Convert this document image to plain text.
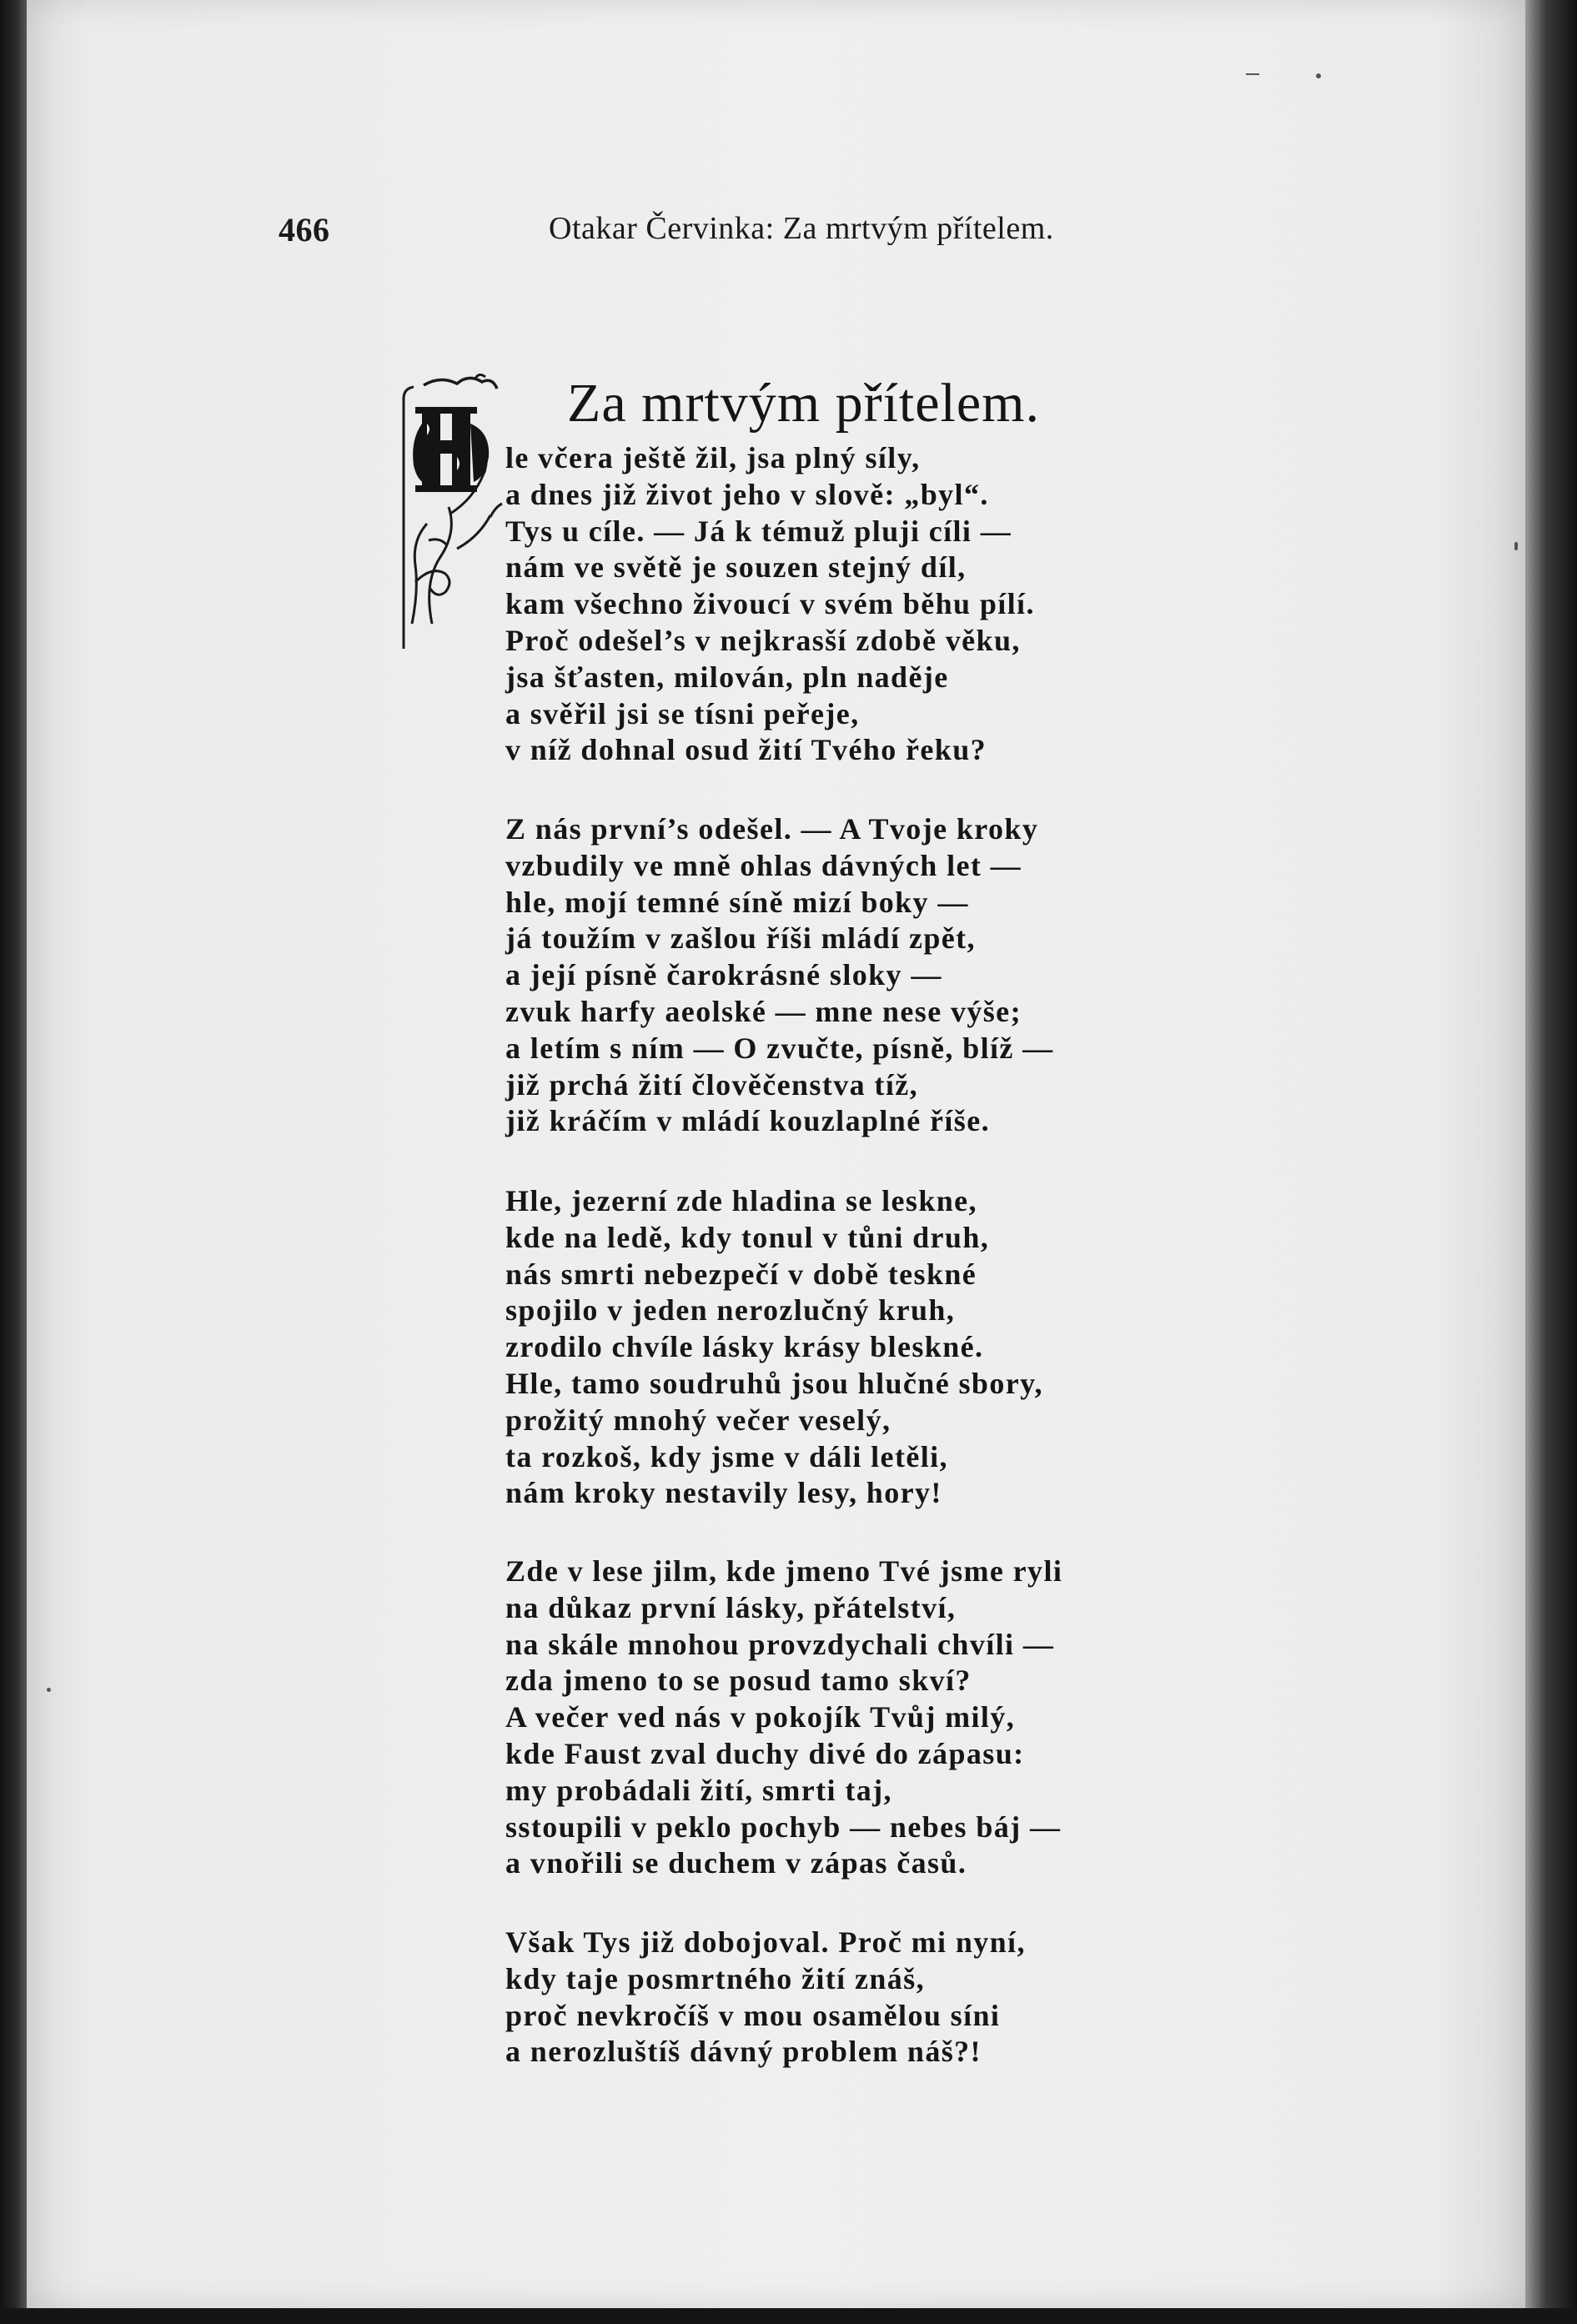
466	Otakar Červinka: Za mrtvým přítelem.
Za mrtvým přítelem.
le včera ještě žil, jsa plný síly,
a dnes již život jeho v slově: „byl“.
Tys u cíle. — Já k témuž pluji cíli —
nám ve světě je souzen stejný díl,
kam všechno živoucí v svém běhu pílí.
Proč odešel’s v nejkrasší zdobě věku,
jsa šťasten, milován, pln naděje
a svěřil jsi se tísni peřeje,
v níž dohnal osud žití Tvého řeku?
Z nás první’s odešel. — A Tvoje kroky
vzbudily ve mně ohlas dávných let —
hle, mojí temné síně mizí boky —
já toužím v zašlou říši mládí zpět,
a její písně čarokrásné sloky —
zvuk harfy aeolské — mne nese výše;
a letím s ním — O zvučte, písně, blíž —
již prchá žití člověčenstva tíž,
již kráčím v mládí kouzlaplné říše.
Hle, jezerní zde hladina se leskne,
kde na ledě, kdy tonul v tůni druh,
nás smrti nebezpečí v době teskné
spojilo v jeden nerozlučný kruh,
zrodilo chvíle lásky krásy bleskné.
Hle, tamo soudruhů jsou hlučné sbory,
prožitý mnohý večer veselý,
ta rozkoš, kdy jsme v dáli letěli,
nám kroky nestavily lesy, hory!
Zde v lese jilm, kde jmeno Tvé jsme ryli
na důkaz první lásky, přátelství,
na skále mnohou provzdychali chvíli —
zda jmeno to se posud tamo skví?
A večer ved nás v pokojík Tvůj milý,
kde Faust zval duchy divé do zápasu:
my probádali žití, smrti taj,
sstoupili v peklo pochyb — nebes báj —
a vnořili se duchem v zápas časů.
Však Tys již dobojoval. Proč mi nyní,
kdy taje posmrtného žití znáš,
proč nevkročíš v mou osamělou síni
a nerozluštíš dávný problem náš?!
